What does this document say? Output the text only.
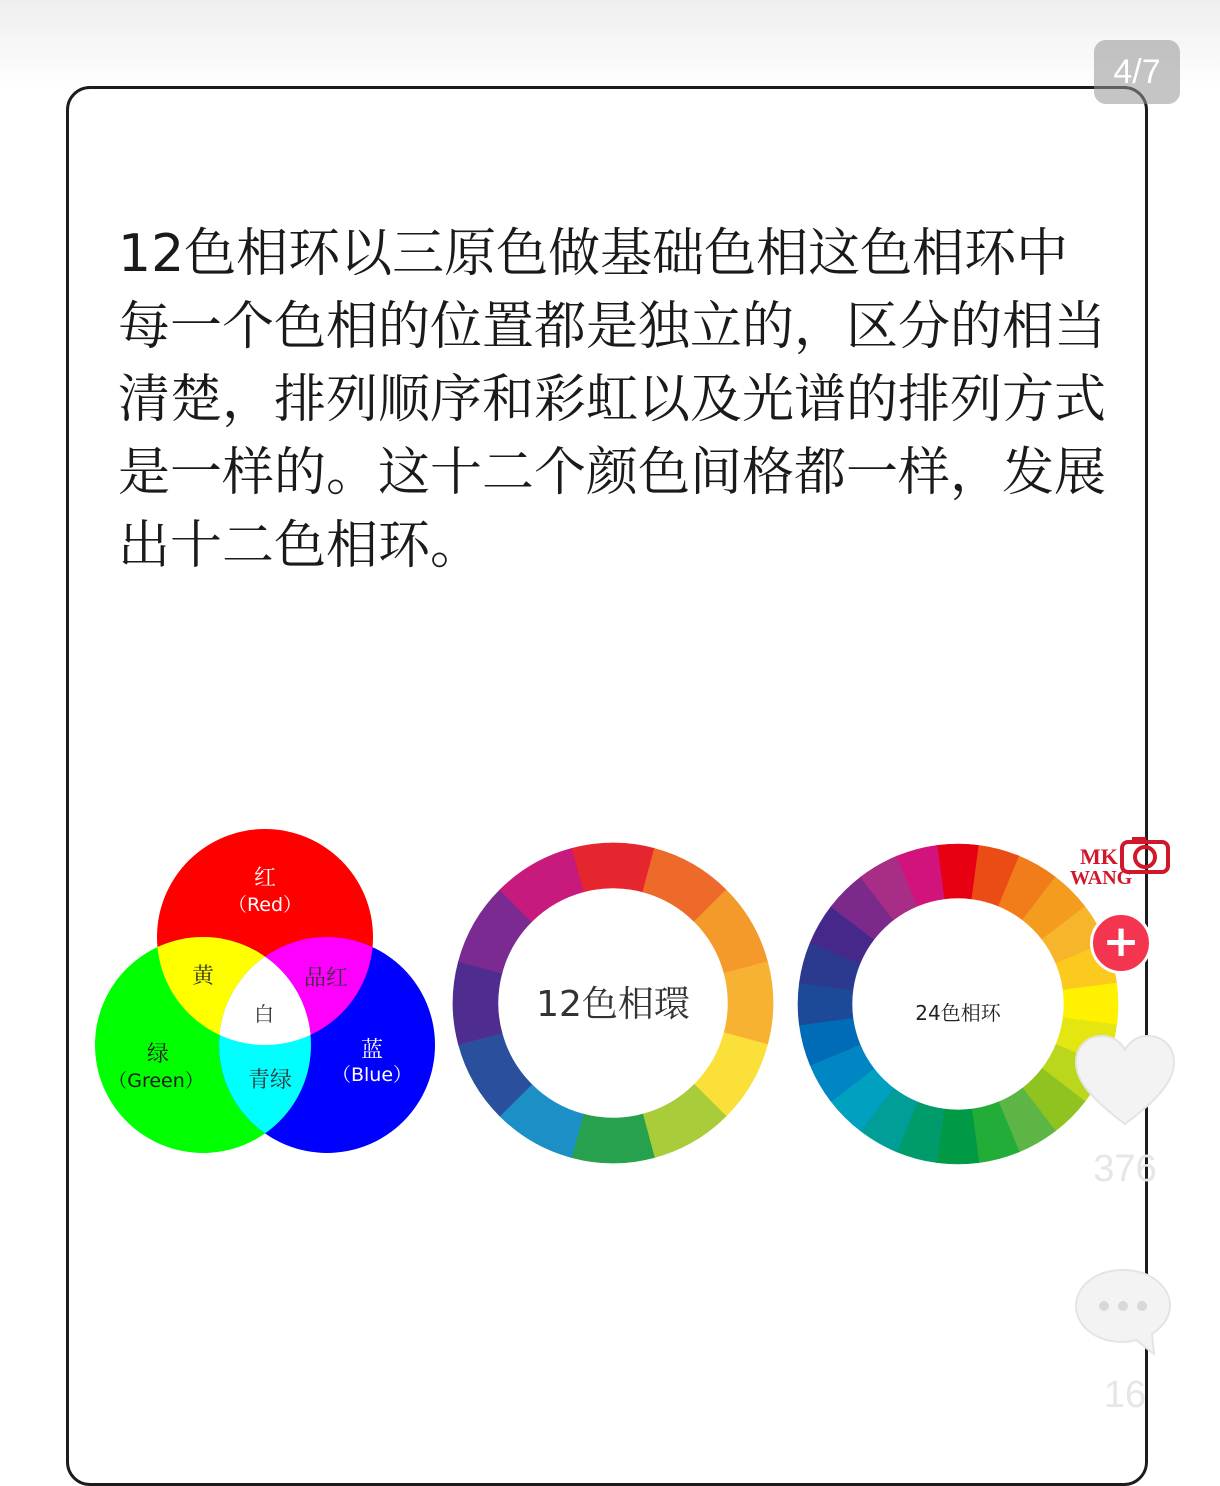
4/7

12色相环以三原色做基础色相这色相环中每一个色相的位置都是独立的，区分的相当清楚，排列顺序和彩虹以及光谱的排列方式是一样的。这十二个颜色间格都一样，发展出十二色相环。

红
（Red）
黄	品红
白
绿
（Green） 青绿
蓝
（Blue）
12色相環	24色相环
MK
WANG
+
376
16
